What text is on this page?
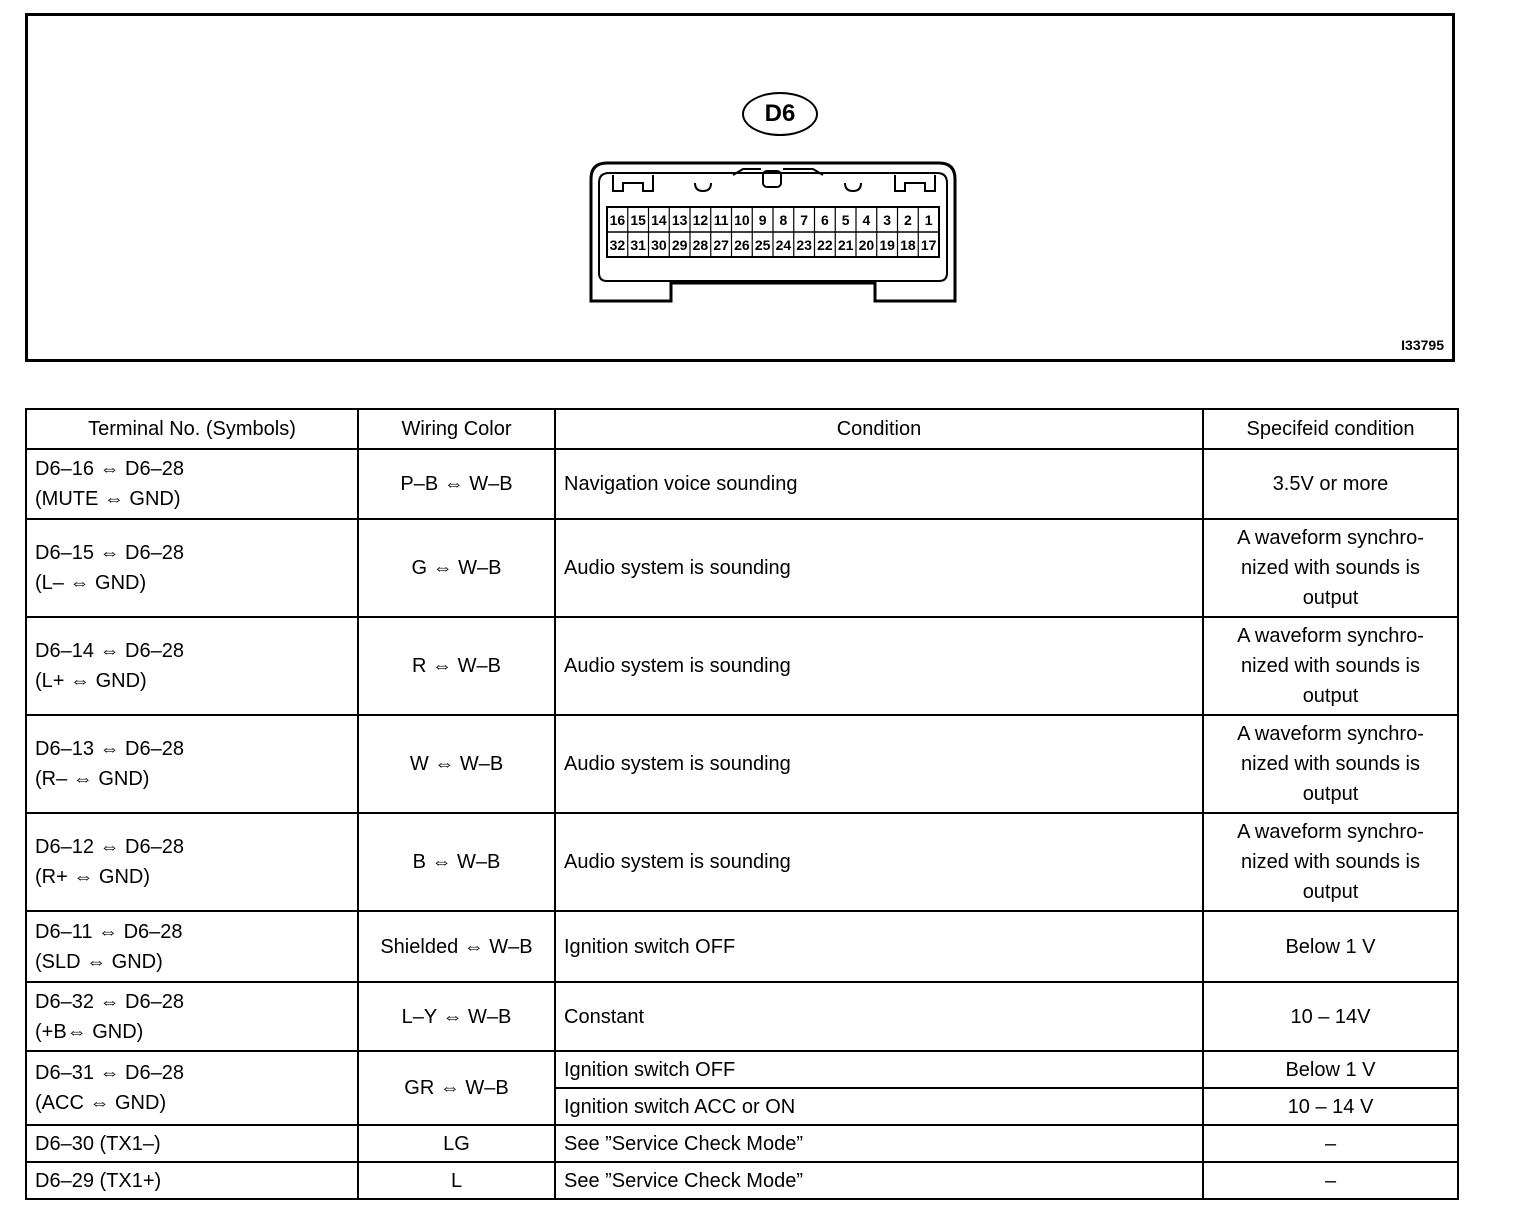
D6
16 15 14 13 12 11 10 9 8 7 6 5 4 3 2 1
32 31 30 29 28 27 26 25 24 23 22 21 20 19 18 17
I33795
Terminal No. (Symbols)	Wiring Color	Condition	Specifeid condition

D6–16 ⇔ D6–28
(MUTE ⇔ GND)	P–B ⇔ W–B	Navigation voice sounding	3.5V or more

D6–15 ⇔ D6–28
(L– ⇔ GND)	G ⇔ W–B	Audio system is sounding	A waveform synchro-
nized with sounds is
output

D6–14 ⇔ D6–28
(L+ ⇔ GND)	R ⇔ W–B	Audio system is sounding	A waveform synchro-
nized with sounds is
output

D6–13 ⇔ D6–28
(R– ⇔ GND)	W ⇔ W–B	Audio system is sounding	A waveform synchro-
nized with sounds is
output

D6–12 ⇔ D6–28
(R+ ⇔ GND)	B ⇔ W–B	Audio system is sounding	A waveform synchro-
nized with sounds is
output

D6–11 ⇔ D6–28
(SLD ⇔ GND)	Shielded ⇔ W–B	Ignition switch OFF	Below 1 V

D6–32 ⇔ D6–28
(+B⇔ GND)	L–Y ⇔ W–B	Constant	10 – 14V

D6–31 ⇔ D6–28
(ACC ⇔ GND)	GR ⇔ W–B	Ignition switch OFF	Below 1 V
		Ignition switch ACC or ON	10 – 14 V
D6–30 (TX1–)	LG	See ”Service Check Mode”	–
D6–29 (TX1+)	L	See ”Service Check Mode”	–
